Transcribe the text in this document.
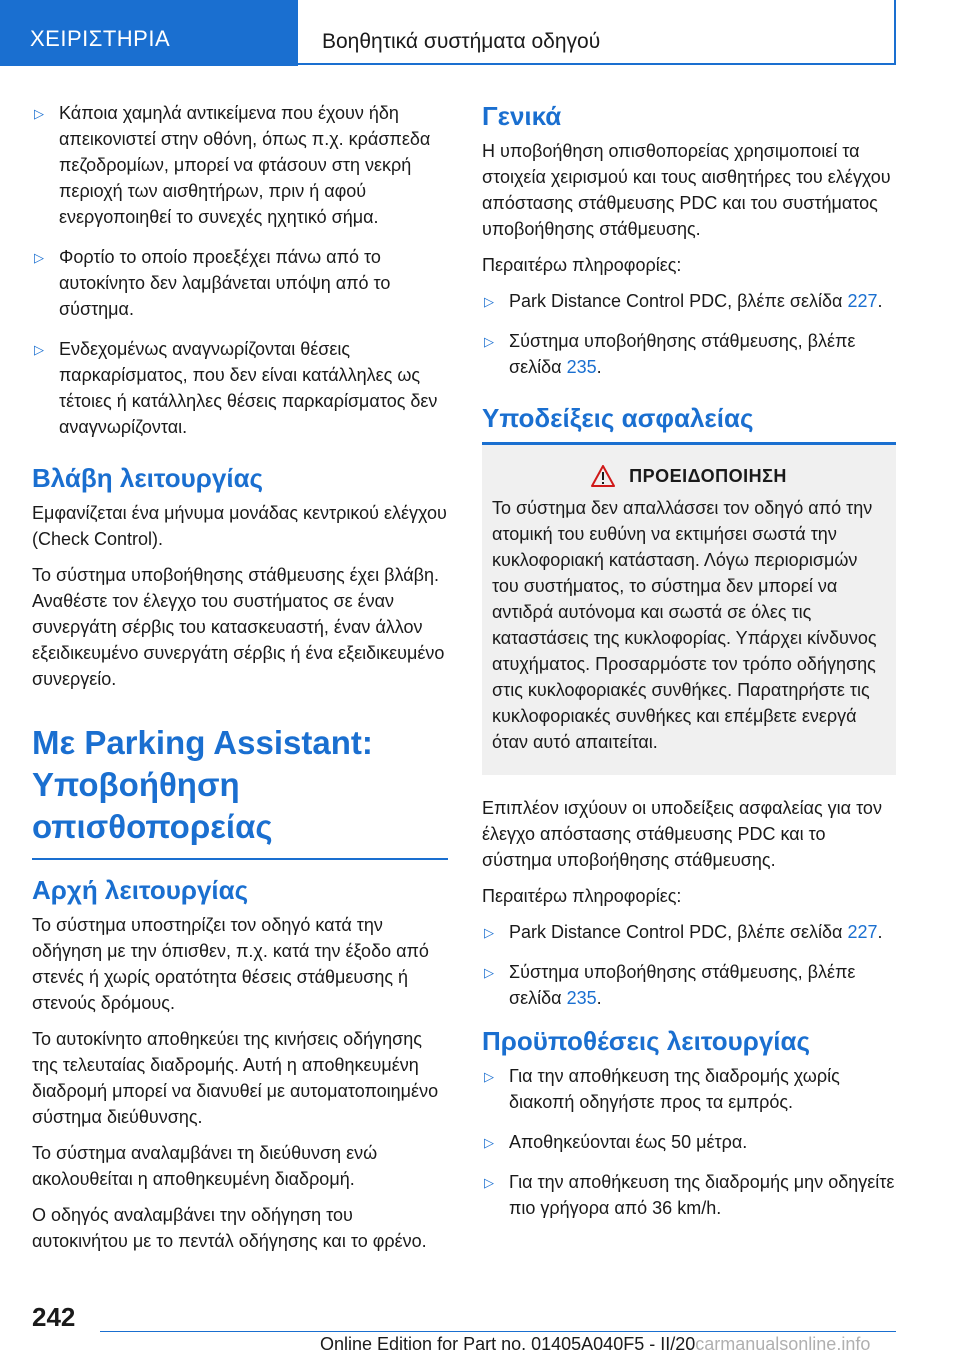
ΧΕΙΡΙΣΤΗΡΙΑ	Βοηθητικά συστήματα οδηγού
▷ Κάποια χαμηλά αντικείμενα που έχουν ήδη απεικονιστεί στην οθόνη, όπως π.χ. κράσπεδα πεζοδρομίων, μπορεί να φτάσουν στη νεκρή περιοχή των αισθητήρων, πριν ή αφού ενεργοποιηθεί το συνεχές ηχητικό σήμα.
▷ Φορτίο το οποίο προεξέχει πάνω από το αυτοκίνητο δεν λαμβάνεται υπόψη από το σύστημα.
▷ Ενδεχομένως αναγνωρίζονται θέσεις παρκαρίσματος, που δεν είναι κατάλληλες ως τέτοιες ή κατάλληλες θέσεις παρκαρίσματος δεν αναγνωρίζονται.
Βλάβη λειτουργίας

Εμφανίζεται ένα μήνυμα μονάδας κεντρικού ελέγχου (Check Control).

Το σύστημα υποβοήθησης στάθμευσης έχει βλάβη. Αναθέστε τον έλεγχο του συστήματος σε έναν συνεργάτη σέρβις του κατασκευαστή, έναν άλλον εξειδικευμένο συνεργάτη σέρβις ή ένα εξειδικευμένο συνεργείο.

Με Parking Assistant: Υποβοήθηση οπισθοπορείας
Αρχή λειτουργίας

Το σύστημα υποστηρίζει τον οδηγό κατά την οδήγηση με την όπισθεν, π.χ. κατά την έξοδο από στενές ή χωρίς ορατότητα θέσεις στάθμευσης ή στενούς δρόμους.

Το αυτοκίνητο αποθηκεύει της κινήσεις οδήγησης της τελευταίας διαδρομής. Αυτή η αποθηκευμένη διαδρομή μπορεί να διανυθεί με αυτοματοποιημένο σύστημα διεύθυνσης.

Το σύστημα αναλαμβάνει τη διεύθυνση ενώ ακολουθείται η αποθηκευμένη διαδρομή.

Ο οδηγός αναλαμβάνει την οδήγηση του αυτοκινήτου με το πεντάλ οδήγησης και το φρένο.

Γενικά

Η υποβοήθηση οπισθοπορείας χρησιμοποιεί τα στοιχεία χειρισμού και τους αισθητήρες του ελέγχου απόστασης στάθμευσης PDC και του συστήματος υποβοήθησης στάθμευσης.

Περαιτέρω πληροφορίες:

▷ Park Distance Control PDC, βλέπε σελίδα 227.
▷ Σύστημα υποβοήθησης στάθμευσης, βλέπε σελίδα 235.
Υποδείξεις ασφαλείας
ΠΡΟΕΙΔΟΠΟΙΗΣΗ

Το σύστημα δεν απαλλάσσει τον οδηγό από την ατομική του ευθύνη να εκτιμήσει σωστά την κυκλοφοριακή κατάσταση. Λόγω περιορισμών του συστήματος, το σύστημα δεν μπορεί να αντιδρά αυτόνομα και σωστά σε όλες τις καταστάσεις της κυκλοφορίας. Υπάρχει κίνδυνος ατυχήματος. Προσαρμόστε τον τρόπο οδήγησης στις κυκλοφοριακές συνθήκες. Παρατηρήστε τις κυκλοφοριακές συνθήκες και επέμβετε ενεργά όταν αυτό απαιτείται.

Επιπλέον ισχύουν οι υποδείξεις ασφαλείας για τον έλεγχο απόστασης στάθμευσης PDC και το σύστημα υποβοήθησης στάθμευσης.

Περαιτέρω πληροφορίες:

▷ Park Distance Control PDC, βλέπε σελίδα 227.
▷ Σύστημα υποβοήθησης στάθμευσης, βλέπε σελίδα 235.
Προϋποθέσεις λειτουργίας
▷ Για την αποθήκευση της διαδρομής χωρίς διακοπή οδηγήστε προς τα εμπρός.
▷ Αποθηκεύονται έως 50 μέτρα.
▷ Για την αποθήκευση της διαδρομής μην οδηγείτε πιο γρήγορα από 36 km/h.
242
Online Edition for Part no. 01405A040F5 - II/20carmanualsonline.info
